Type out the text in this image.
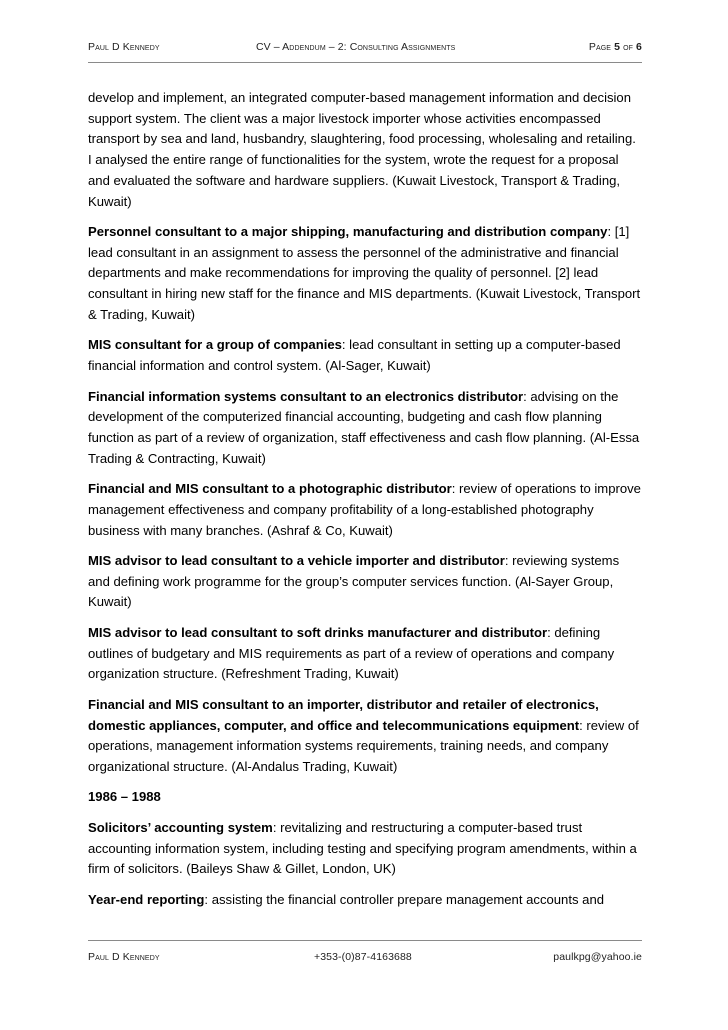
Paul D Kennedy	CV – Addendum – 2: Consulting Assignments	Page 5 of 6

develop and implement, an integrated computer-based management information and decision support system. The client was a major livestock importer whose activities encompassed transport by sea and land, husbandry, slaughtering, food processing, wholesaling and retailing. I analysed the entire range of functionalities for the system, wrote the request for a proposal and evaluated the software and hardware suppliers. (Kuwait Livestock, Transport & Trading, Kuwait)

Personnel consultant to a major shipping, manufacturing and distribution company: [1] lead consultant in an assignment to assess the personnel of the administrative and financial departments and make recommendations for improving the quality of personnel. [2] lead consultant in hiring new staff for the finance and MIS departments. (Kuwait Livestock, Transport & Trading, Kuwait)

MIS consultant for a group of companies: lead consultant in setting up a computer-based financial information and control system. (Al-Sager, Kuwait)

Financial information systems consultant to an electronics distributor: advising on the development of the computerized financial accounting, budgeting and cash flow planning function as part of a review of organization, staff effectiveness and cash flow planning. (Al-Essa Trading & Contracting, Kuwait)

Financial and MIS consultant to a photographic distributor: review of operations to improve management effectiveness and company profitability of a long-established photography business with many branches. (Ashraf & Co, Kuwait)

MIS advisor to lead consultant to a vehicle importer and distributor: reviewing systems and defining work programme for the group’s computer services function. (Al-Sayer Group, Kuwait)

MIS advisor to lead consultant to soft drinks manufacturer and distributor: defining outlines of budgetary and MIS requirements as part of a review of operations and company organization structure. (Refreshment Trading, Kuwait)

Financial and MIS consultant to an importer, distributor and retailer of electronics, domestic appliances, computer, and office and telecommunications equipment: review of operations, management information systems requirements, training needs, and company organizational structure. (Al-Andalus Trading, Kuwait)

1986 – 1988

Solicitors’ accounting system: revitalizing and restructuring a computer-based trust accounting information system, including testing and specifying program amendments, within a firm of solicitors. (Baileys Shaw & Gillet, London, UK)

Year-end reporting: assisting the financial controller prepare management accounts and

Paul D Kennedy	+353-(0)87-4163688	paulkpg@yahoo.ie
